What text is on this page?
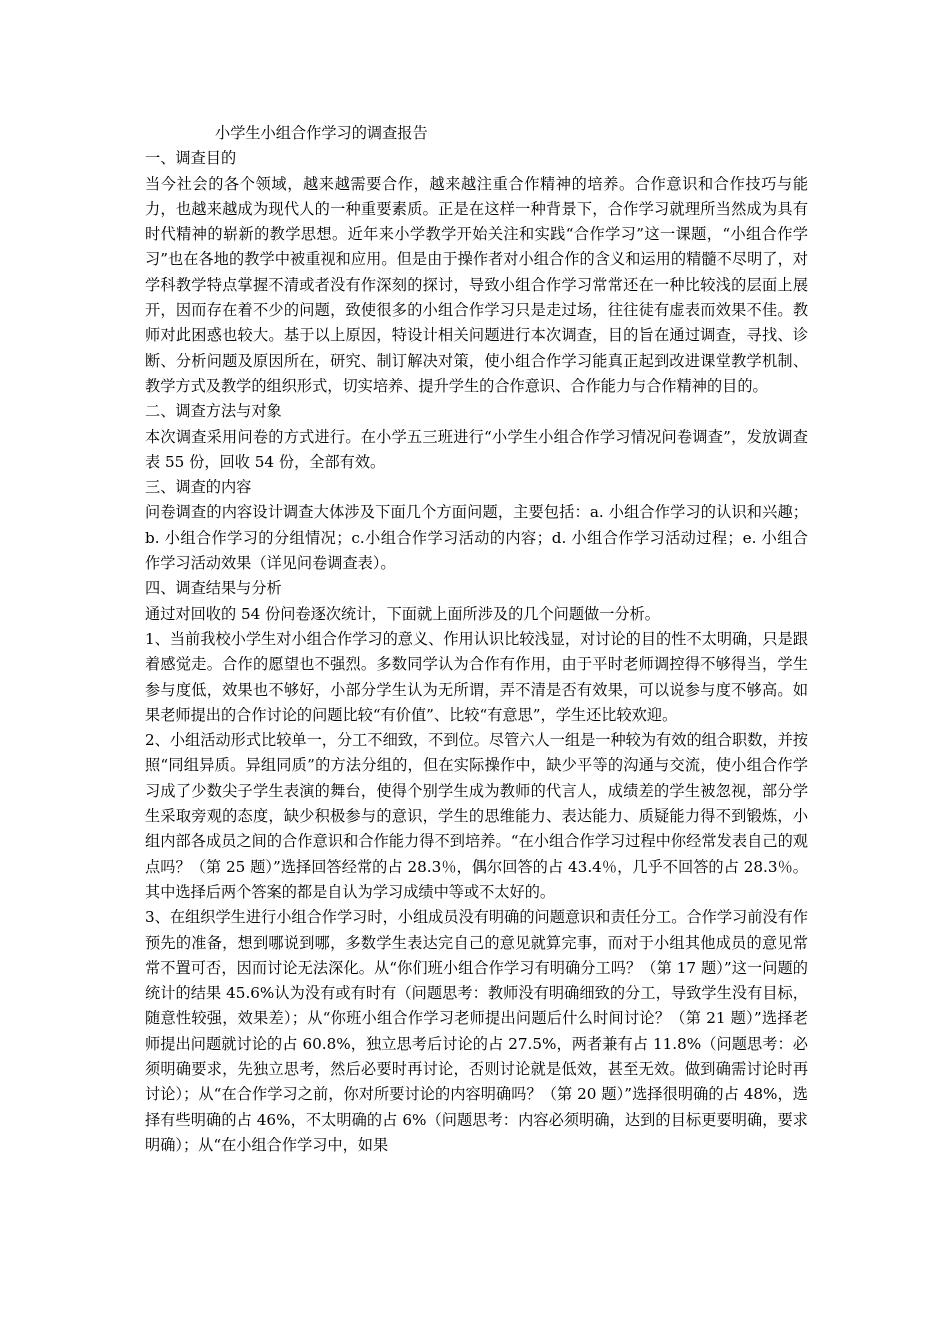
小学生小组合作学习的调查报告

一、调查目的

当今社会的各个领域，越来越需要合作，越来越注重合作精神的培养。合作意识和合作技巧与能力，也越来越成为现代人的一种重要素质。正是在这样一种背景下，合作学习就理所当然成为具有时代精神的崭新的教学思想。近年来小学教学开始关注和实践“合作学习”这一课题，“小组合作学习”也在各地的教学中被重视和应用。但是由于操作者对小组合作的含义和运用的精髓不尽明了，对学科教学特点掌握不清或者没有作深刻的探讨，导致小组合作学习常常还在一种比较浅的层面上展开，因而存在着不少的问题，致使很多的小组合作学习只是走过场，往往徒有虚表而效果不佳。教师对此困惑也较大。基于以上原因，特设计相关问题进行本次调查，目的旨在通过调查，寻找、诊断、分析问题及原因所在，研究、制订解决对策，使小组合作学习能真正起到改进课堂教学机制、教学方式及教学的组织形式，切实培养、提升学生的合作意识、合作能力与合作精神的目的。

二、调查方法与对象

本次调查采用问卷的方式进行。在小学五三班进行“小学生小组合作学习情况问卷调查”，发放调查表 55 份，回收 54 份，全部有效。

三、调查的内容

问卷调查的内容设计调查大体涉及下面几个方面问题，主要包括：a. 小组合作学习的认识和兴趣；b. 小组合作学习的分组情况；c.小组合作学习活动的内容；d. 小组合作学习活动过程；e. 小组合作学习活动效果（详见问卷调查表）。

四、调查结果与分析

通过对回收的 54 份问卷逐次统计，下面就上面所涉及的几个问题做一分析。

1、当前我校小学生对小组合作学习的意义、作用认识比较浅显，对讨论的目的性不太明确，只是跟着感觉走。合作的愿望也不强烈。多数同学认为合作有作用，由于平时老师调控得不够得当，学生参与度低，效果也不够好，小部分学生认为无所谓，弄不清是否有效果，可以说参与度不够高。如果老师提出的合作讨论的问题比较“有价值”、比较“有意思”，学生还比较欢迎。

2、小组活动形式比较单一，分工不细致，不到位。尽管六人一组是一种较为有效的组合职数，并按照“同组异质。异组同质”的方法分组的，但在实际操作中，缺少平等的沟通与交流，使小组合作学习成了少数尖子学生表演的舞台，使得个别学生成为教师的代言人，成绩差的学生被忽视，部分学生采取旁观的态度，缺少积极参与的意识，学生的思维能力、表达能力、质疑能力得不到锻炼，小组内部各成员之间的合作意识和合作能力得不到培养。“在小组合作学习过程中你经常发表自己的观点吗？（第 25 题）”选择回答经常的占 28.3％，偶尔回答的占 43.4％，几乎不回答的占 28.3％。其中选择后两个答案的都是自认为学习成绩中等或不太好的。

3、在组织学生进行小组合作学习时，小组成员没有明确的问题意识和责任分工。合作学习前没有作预先的准备，想到哪说到哪，多数学生表达完自己的意见就算完事，而对于小组其他成员的意见常常不置可否，因而讨论无法深化。从“你们班小组合作学习有明确分工吗？（第 17 题）”这一问题的统计的结果 45.6%认为没有或有时有（问题思考：教师没有明确细致的分工，导致学生没有目标，随意性较强，效果差）；从“你班小组合作学习老师提出问题后什么时间讨论？（第 21 题）”选择老师提出问题就讨论的占 60.8%，独立思考后讨论的占 27.5%，两者兼有占 11.8%（问题思考：必须明确要求，先独立思考，然后必要时再讨论，否则讨论就是低效，甚至无效。做到确需讨论时再讨论）；从“在合作学习之前，你对所要讨论的内容明确吗？（第 20 题）”选择很明确的占 48%，选择有些明确的占 46%，不太明确的占 6%（问题思考：内容必须明确，达到的目标更要明确，要求明确）；从“在小组合作学习中，如果
